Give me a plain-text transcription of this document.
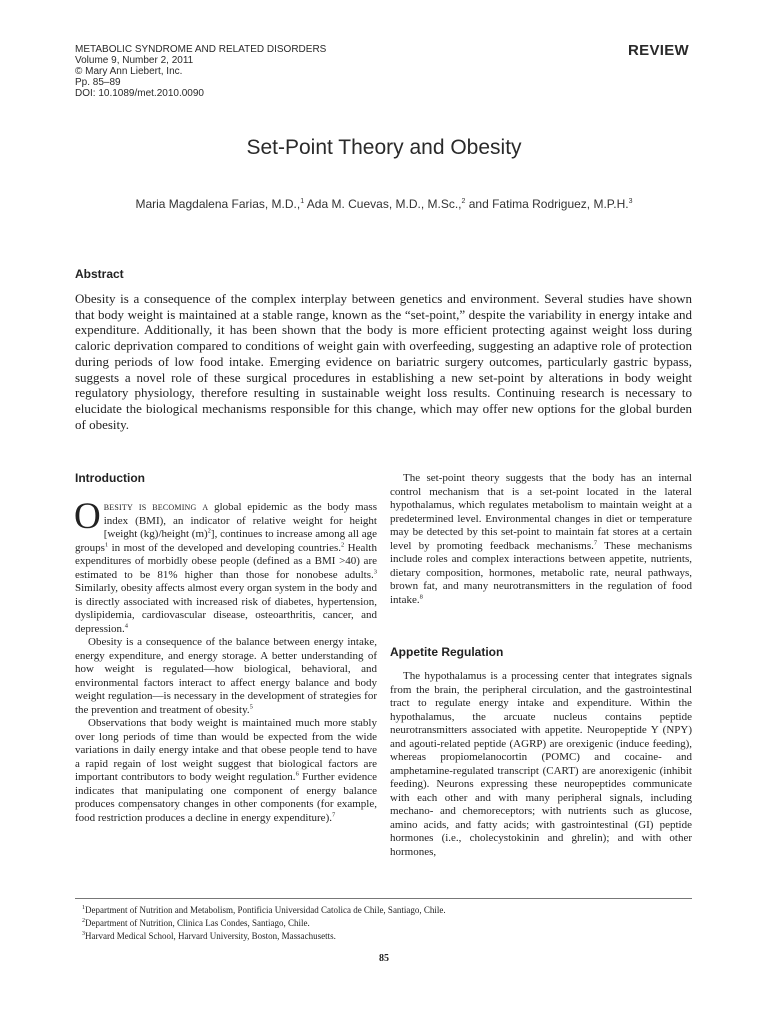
METABOLIC SYNDROME AND RELATED DISORDERS
Volume 9, Number 2, 2011
© Mary Ann Liebert, Inc.
Pp. 85–89
DOI: 10.1089/met.2010.0090
REVIEW
Set-Point Theory and Obesity
Maria Magdalena Farias, M.D.,$^1$ Ada M. Cuevas, M.D., M.Sc.,$^2$ and Fatima Rodriguez, M.P.H.$^3$
Abstract

Obesity is a consequence of the complex interplay between genetics and environment. Several studies have shown that body weight is maintained at a stable range, known as the “set-point,” despite the variability in energy intake and expenditure. Additionally, it has been shown that the body is more efficient protecting against weight loss during caloric deprivation compared to conditions of weight gain with overfeeding, suggesting an adaptive role of protection during periods of low food intake. Emerging evidence on bariatric surgery outcomes, particularly gastric bypass, suggests a novel role of these surgical procedures in establishing a new set-point by alterations in body weight regulatory physiology, therefore resulting in sustainable weight loss results. Continuing research is necessary to elucidate the biological mechanisms responsible for this change, which may offer new options for the global burden of obesity.

Introduction

Obesity is becoming a global epidemic as the body mass index (BMI), an indicator of relative weight for height [weight (kg)/height $(m)^2$], continues to increase among all age groups$^1$ in most of the developed and developing countries.$^2$ Health expenditures of morbidly obese people (defined as a BMI >40) are estimated to be 81% higher than those for nonobese adults.$^3$ Similarly, obesity affects almost every organ system in the body and is directly associated with increased risk of diabetes, hypertension, dyslipidemia, cardiovascular disease, osteoarthritis, cancer, and depression.$^4$

Obesity is a consequence of the balance between energy intake, energy expenditure, and energy storage. A better understanding of how weight is regulated—how biological, behavioral, and environmental factors interact to affect energy balance and body weight regulation—is necessary in the development of strategies for the prevention and treatment of obesity.$^5$

Observations that body weight is maintained much more stably over long periods of time than would be expected from the wide variations in daily energy intake and that obese people tend to have a rapid regain of lost weight suggest that biological factors are important contributors to body weight regulation.$^6$ Further evidence indicates that manipulating one component of energy balance produces compensatory changes in other components (for example, food restriction produces a decline in energy expenditure).$^7$

The set-point theory suggests that the body has an internal control mechanism that is a set-point located in the lateral hypothalamus, which regulates metabolism to maintain weight at a predetermined level. Environmental changes in diet or temperature may be detected by this set-point to maintain fat stores at a certain level by promoting feedback mechanisms.$^7$ These mechanisms include roles and complex interactions between appetite, nutrients, dietary composition, hormones, metabolic rate, neural pathways, brown fat, and many neurotransmitters in the regulation of food intake.$^8$

Appetite Regulation

The hypothalamus is a processing center that integrates signals from the brain, the peripheral circulation, and the gastrointestinal tract to regulate energy intake and expenditure. Within the hypothalamus, the arcuate nucleus contains peptide neurotransmitters associated with appetite. Neuropeptide Y (NPY) and agouti-related peptide (AGRP) are orexigenic (induce feeding), whereas propiomelanocortin (POMC) and cocaine- and amphetamine-regulated transcript (CART) are anorexigenic (inhibit feeding). Neurons expressing these neuropeptides communicate with each other and with many peripheral signals, including mechano- and chemoreceptors; with nutrients such as glucose, amino acids, and fatty acids; with gastrointestinal (GI) peptide hormones (i.e., cholecystokinin and ghrelin); and with other hormones,

$^1$Department of Nutrition and Metabolism, Pontificia Universidad Catolica de Chile, Santiago, Chile.
$^2$Department of Nutrition, Clinica Las Condes, Santiago, Chile.
$^3$Harvard Medical School, Harvard University, Boston, Massachusetts.
85
